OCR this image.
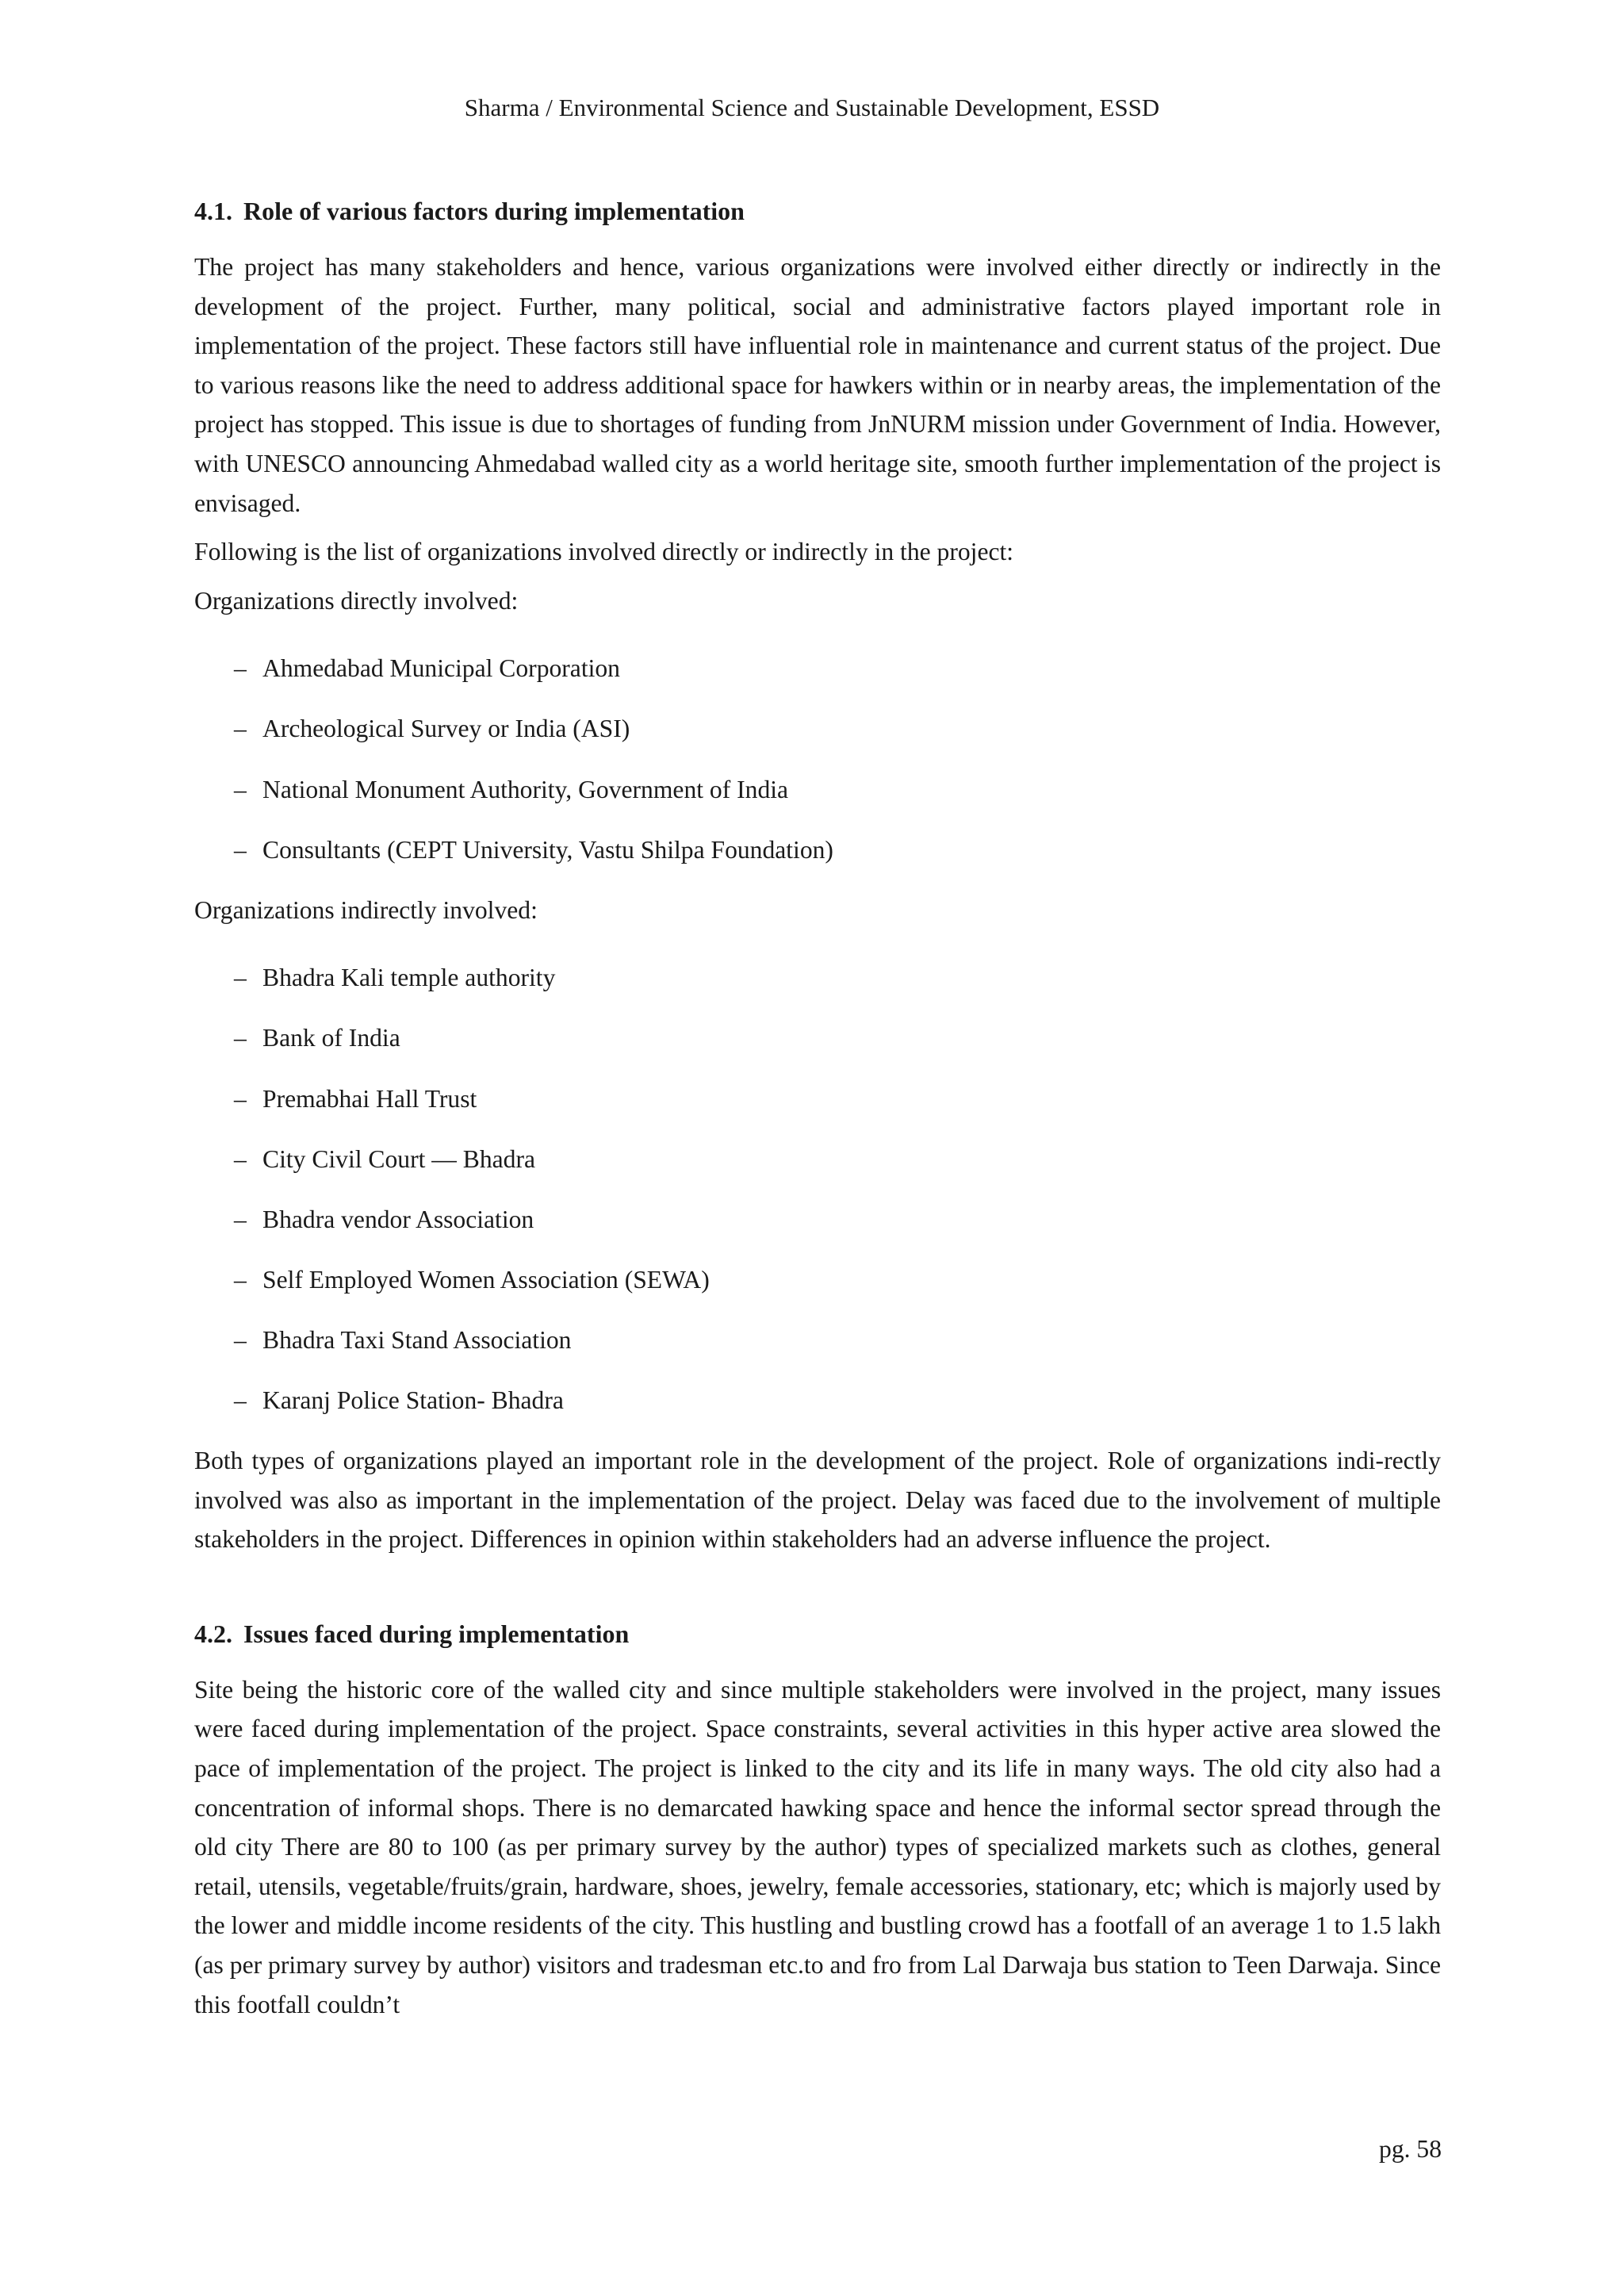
Sharma / Environmental Science and Sustainable Development, ESSD
4.1. Role of various factors during implementation

The project has many stakeholders and hence, various organizations were involved either directly or indirectly in the development of the project. Further, many political, social and administrative factors played important role in implementation of the project. These factors still have influential role in maintenance and current status of the project. Due to various reasons like the need to address additional space for hawkers within or in nearby areas, the implementation of the project has stopped. This issue is due to shortages of funding from JnNURM mission under Government of India. However, with UNESCO announcing Ahmedabad walled city as a world heritage site, smooth further implementation of the project is envisaged.

Following is the list of organizations involved directly or indirectly in the project:

Organizations directly involved:

– Ahmedabad Municipal Corporation
– Archeological Survey or India (ASI)
– National Monument Authority, Government of India
– Consultants (CEPT University, Vastu Shilpa Foundation)

Organizations indirectly involved:

– Bhadra Kali temple authority
– Bank of India
– Premabhai Hall Trust
– City Civil Court — Bhadra
– Bhadra vendor Association
– Self Employed Women Association (SEWA)
– Bhadra Taxi Stand Association
– Karanj Police Station- Bhadra

Both types of organizations played an important role in the development of the project. Role of organizations indi-rectly involved was also as important in the implementation of the project. Delay was faced due to the involvement of multiple stakeholders in the project. Differences in opinion within stakeholders had an adverse influence the project.

4.2. Issues faced during implementation

Site being the historic core of the walled city and since multiple stakeholders were involved in the project, many issues were faced during implementation of the project. Space constraints, several activities in this hyper active area slowed the pace of implementation of the project. The project is linked to the city and its life in many ways. The old city also had a concentration of informal shops. There is no demarcated hawking space and hence the informal sector spread through the old city There are 80 to 100 (as per primary survey by the author) types of specialized markets such as clothes, general retail, utensils, vegetable/fruits/grain, hardware, shoes, jewelry, female accessories, stationary, etc; which is majorly used by the lower and middle income residents of the city. This hustling and bustling crowd has a footfall of an average 1 to 1.5 lakh (as per primary survey by author) visitors and tradesman etc.to and fro from Lal Darwaja bus station to Teen Darwaja. Since this footfall couldn’t

pg. 58
